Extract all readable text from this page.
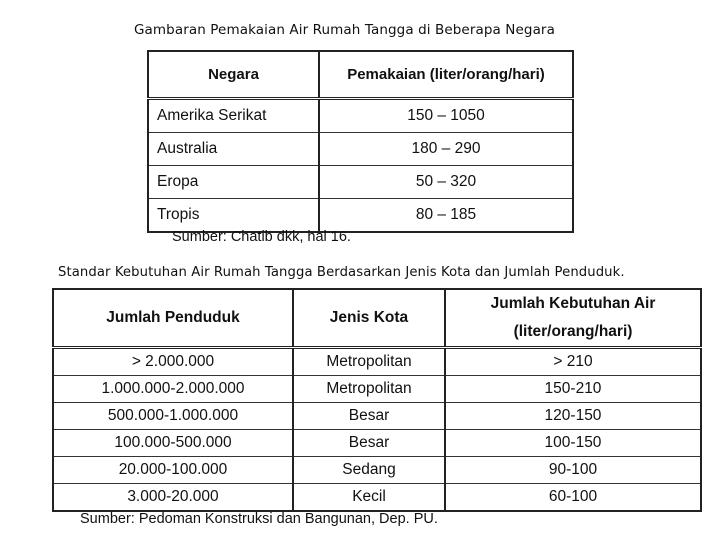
Gambaran Pemakaian Air Rumah Tangga di Beberapa Negara
Negara	Pemakaian (liter/orang/hari)
Amerika Serikat	150 – 1050
Australia	180 – 290
Eropa	50 – 320
Tropis	80 – 185
Sumber: Chatib dkk, hal 16.
Standar Kebutuhan Air Rumah Tangga Berdasarkan Jenis Kota dan Jumlah Penduduk.
Jumlah Penduduk	Jenis Kota	Jumlah Kebutuhan Air
(liter/orang/hari)

> 2.000.000	Metropolitan	> 210
1.000.000-2.000.000	Metropolitan	150-210
500.000-1.000.000	Besar	120-150
100.000-500.000	Besar	100-150
20.000-100.000	Sedang	90-100
3.000-20.000	Kecil	60-100
Sumber: Pedoman Konstruksi dan Bangunan, Dep. PU.
